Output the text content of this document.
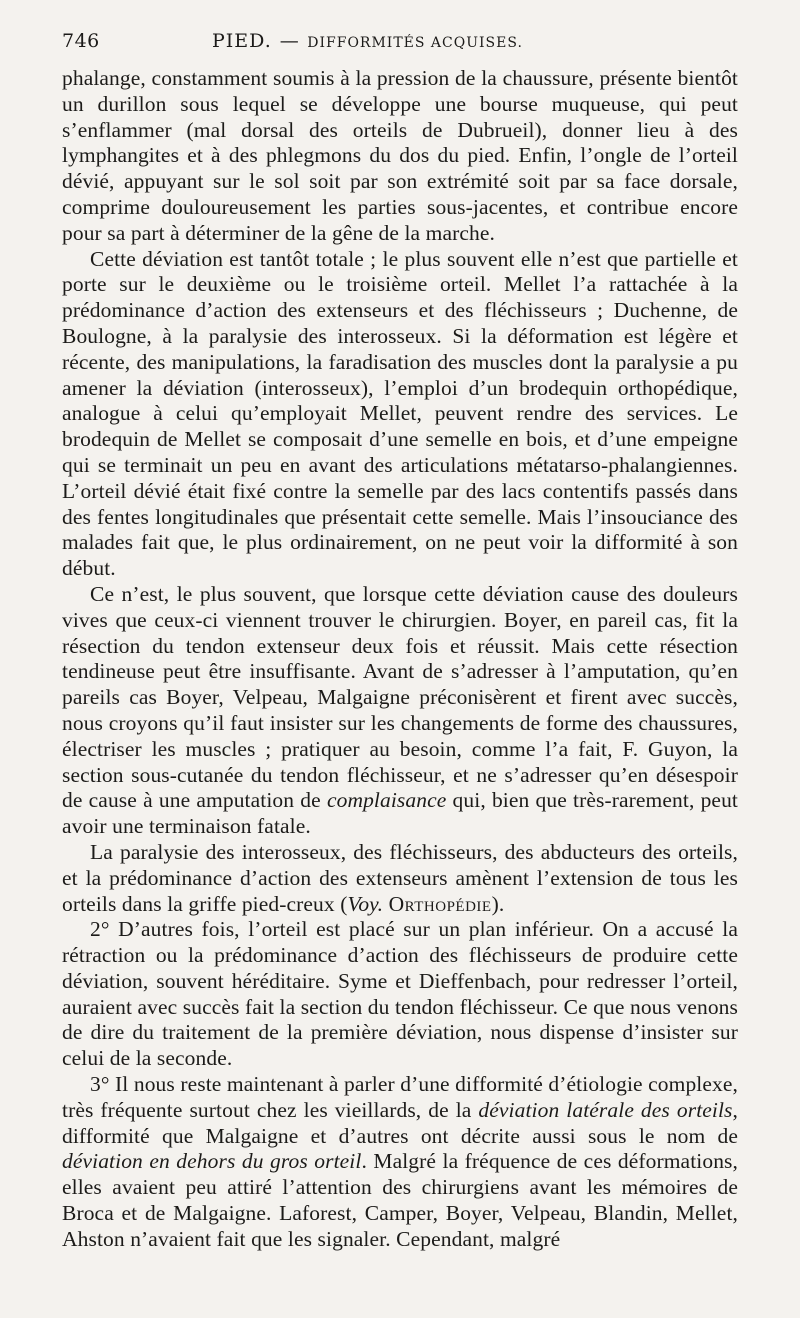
746	PIED. — DIFFORMITÉS ACQUISES.

phalange, constamment soumis à la pression de la chaussure, présente bientôt un durillon sous lequel se développe une bourse muqueuse, qui peut s’enflammer (mal dorsal des orteils de Dubrueil), donner lieu à des lymphangites et à des phlegmons du dos du pied. Enfin, l’ongle de l’orteil dévié, appuyant sur le sol soit par son extrémité soit par sa face dorsale, comprime douloureusement les parties sous-jacentes, et contribue encore pour sa part à déterminer de la gêne de la marche.

Cette déviation est tantôt totale ; le plus souvent elle n’est que partielle et porte sur le deuxième ou le troisième orteil. Mellet l’a rattachée à la prédominance d’action des extenseurs et des fléchisseurs ; Duchenne, de Boulogne, à la paralysie des interosseux. Si la déformation est légère et récente, des manipulations, la faradisation des muscles dont la paralysie a pu amener la déviation (interosseux), l’emploi d’un brodequin orthopédique, analogue à celui qu’employait Mellet, peuvent rendre des services. Le brodequin de Mellet se composait d’une semelle en bois, et d’une empeigne qui se terminait un peu en avant des articulations métatarso-phalangiennes. L’orteil dévié était fixé contre la semelle par des lacs contentifs passés dans des fentes longitudinales que présentait cette semelle. Mais l’insouciance des malades fait que, le plus ordinairement, on ne peut voir la difformité à son début.

Ce n’est, le plus souvent, que lorsque cette déviation cause des douleurs vives que ceux-ci viennent trouver le chirurgien. Boyer, en pareil cas, fit la résection du tendon extenseur deux fois et réussit. Mais cette résection tendineuse peut être insuffisante. Avant de s’adresser à l’amputation, qu’en pareils cas Boyer, Velpeau, Malgaigne préconisèrent et firent avec succès, nous croyons qu’il faut insister sur les changements de forme des chaussures, électriser les muscles ; pratiquer au besoin, comme l’a fait, F. Guyon, la section sous-cutanée du tendon fléchisseur, et ne s’adresser qu’en désespoir de cause à une amputation de complaisance qui, bien que très-rarement, peut avoir une terminaison fatale.

La paralysie des interosseux, des fléchisseurs, des abducteurs des orteils, et la prédominance d’action des extenseurs amènent l’extension de tous les orteils dans la griffe pied-creux (Voy. Orthopédie).

2° D’autres fois, l’orteil est placé sur un plan inférieur. On a accusé la rétraction ou la prédominance d’action des fléchisseurs de produire cette déviation, souvent héréditaire. Syme et Dieffenbach, pour redresser l’orteil, auraient avec succès fait la section du tendon fléchisseur. Ce que nous venons de dire du traitement de la première déviation, nous dispense d’insister sur celui de la seconde.

3° Il nous reste maintenant à parler d’une difformité d’étiologie complexe, très fréquente surtout chez les vieillards, de la déviation latérale des orteils, difformité que Malgaigne et d’autres ont décrite aussi sous le nom de déviation en dehors du gros orteil. Malgré la fréquence de ces déformations, elles avaient peu attiré l’attention des chirurgiens avant les mémoires de Broca et de Malgaigne. Laforest, Camper, Boyer, Velpeau, Blandin, Mellet, Ahston n’avaient fait que les signaler. Cependant, malgré
